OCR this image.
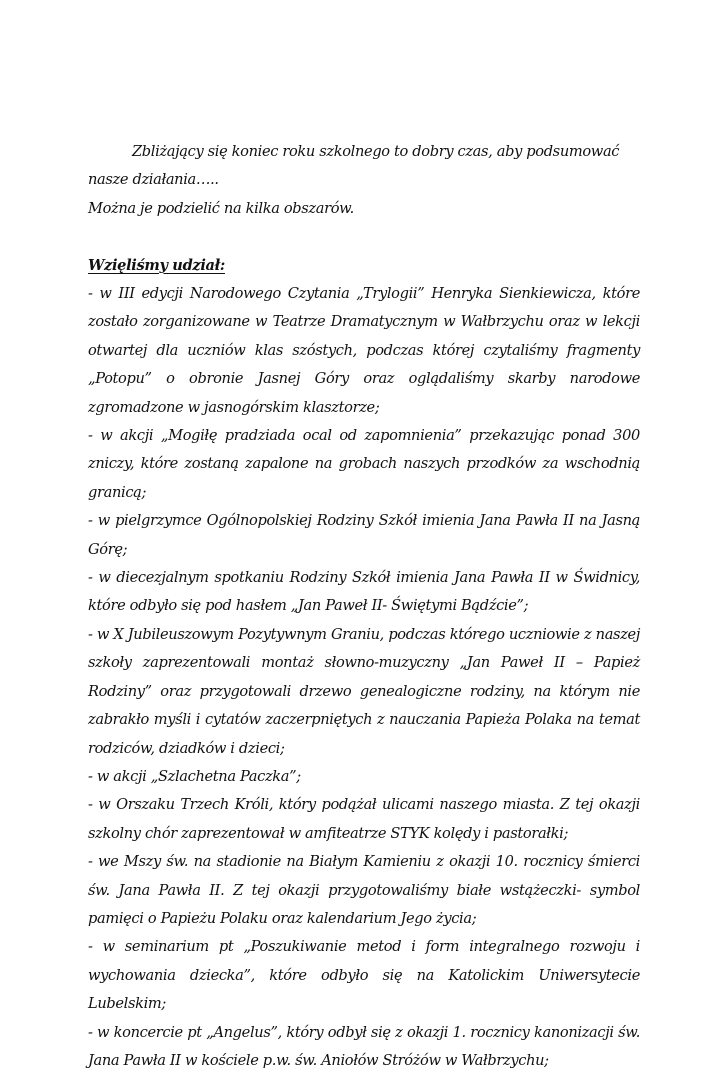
Zbliżający się koniec roku szkolnego to dobry czas, aby podsumować nasze działania…..

Można je podzielić na kilka obszarów.

Wzięliśmy udział:

- w III edycji Narodowego Czytania „Trylogii” Henryka Sienkiewicza, które zostało zorganizowane w Teatrze Dramatycznym w Wałbrzychu oraz w lekcji otwartej dla uczniów klas szóstych, podczas której czytaliśmy fragmenty „Potopu” o obronie Jasnej Góry oraz oglądaliśmy skarby narodowe zgromadzone w jasnogórskim klasztorze;

- w akcji „Mogiłę pradziada ocal od zapomnienia” przekazując ponad 300 zniczy, które zostaną zapalone na grobach naszych przodków za wschodnią granicą;

- w pielgrzymce Ogólnopolskiej Rodziny Szkół imienia Jana Pawła II na Jasną Górę;

- w diecezjalnym spotkaniu Rodziny Szkół imienia Jana Pawła II w Świdnicy, które odbyło się pod hasłem „Jan Paweł II- Świętymi Bądźcie”;

- w X Jubileuszowym Pozytywnym Graniu, podczas którego uczniowie z naszej szkoły zaprezentowali montaż słowno-muzyczny „Jan Paweł II – Papież Rodziny” oraz przygotowali drzewo genealogiczne rodziny, na którym nie zabrakło myśli i cytatów zaczerpniętych z nauczania Papieża Polaka na temat rodziców, dziadków i dzieci;

- w akcji „Szlachetna Paczka”;

- w Orszaku Trzech Króli, który podążał ulicami naszego miasta. Z tej okazji szkolny chór zaprezentował w amfiteatrze STYK kolędy i pastorałki;

- we Mszy św. na stadionie na Białym Kamieniu z okazji 10. rocznicy śmierci św. Jana Pawła II. Z tej okazji przygotowaliśmy białe wstążeczki- symbol pamięci o Papieżu Polaku oraz kalendarium Jego życia;

- w seminarium pt „Poszukiwanie metod i form integralnego rozwoju i wychowania dziecka”, które odbyło się na Katolickim Uniwersytecie Lubelskim;

- w koncercie pt „Angelus”, który odbył się z okazji 1. rocznicy kanonizacji św. Jana Pawła II w kościele p.w. św. Aniołów Stróżów w Wałbrzychu;
